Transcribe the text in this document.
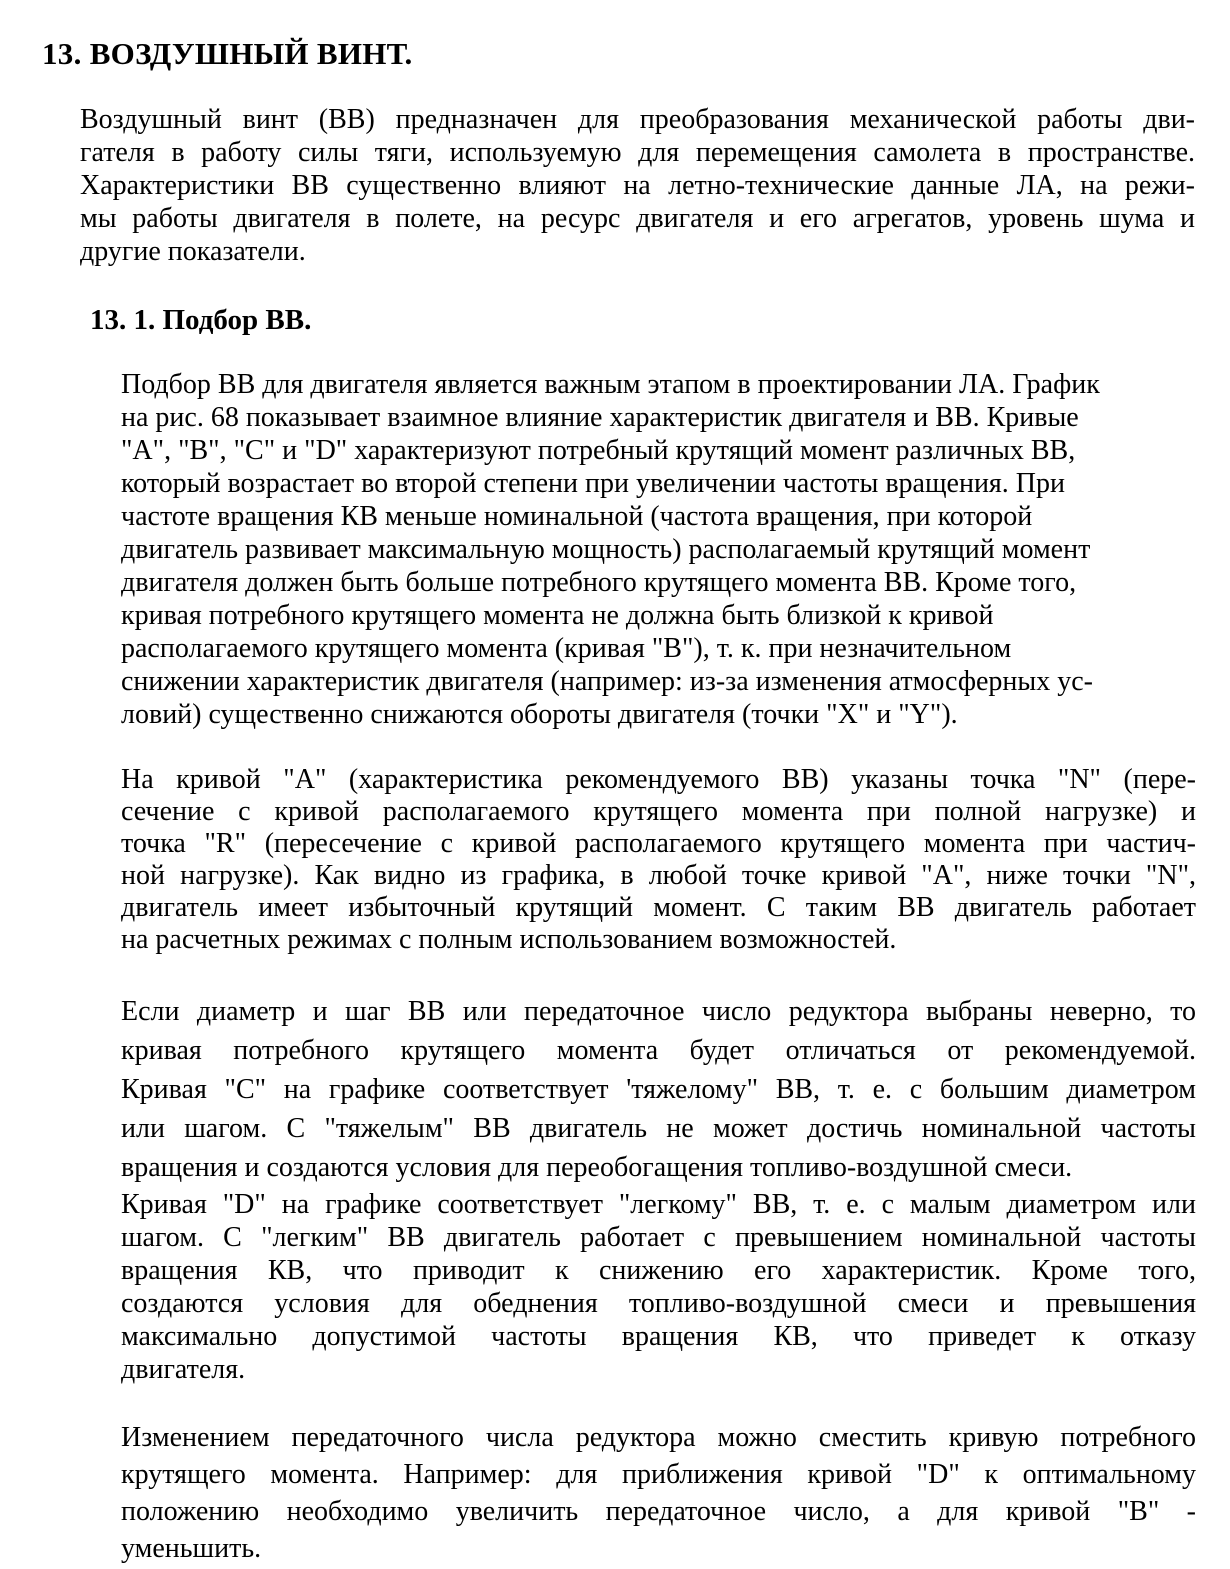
13. ВОЗДУШНЫЙ ВИНТ.
Воздушный винт (ВВ) предназначен для преобразования механической работы дви-
гателя в работу силы тяги, используемую для перемещения самолета в пространстве.
Характеристики ВВ существенно влияют на летно-технические данные ЛА, на режи-
мы работы двигателя в полете, на ресурс двигателя и его агрегатов, уровень шума и
другие показатели.
13. 1. Подбор ВВ.
Подбор ВВ для двигателя является важным этапом в проектировании ЛА. График
на рис. 68 показывает взаимное влияние характеристик двигателя и ВВ. Кривые
"А", "В", "С" и "D" характеризуют потребный крутящий момент различных ВВ,
который возрастает во второй степени при увеличении частоты вращения. При
частоте вращения КВ меньше номинальной (частота вращения, при которой
двигатель развивает максимальную мощность) располагаемый крутящий момент
двигателя должен быть больше потребного крутящего момента ВВ. Кроме того,
кривая потребного крутящего момента не должна быть близкой к кривой
располагаемого крутящего момента (кривая "В"), т. к. при незначительном
снижении характеристик двигателя (например: из-за изменения атмосферных ус-
ловий) существенно снижаются обороты двигателя (точки "X" и "Y").
На кривой "А" (характеристика рекомендуемого ВВ) указаны точка "N" (пере-
сечение с кривой располагаемого крутящего момента при полной нагрузке) и
точка "R" (пересечение с кривой располагаемого крутящего момента при частич-
ной нагрузке). Как видно из графика, в любой точке кривой "А", ниже точки "N",
двигатель имеет избыточный крутящий момент. С таким ВВ двигатель работает
на расчетных режимах с полным использованием возможностей.
Если диаметр и шаг ВВ или передаточное число редуктора выбраны неверно, то
кривая потребного крутящего момента будет отличаться от рекомендуемой.
Кривая "С" на графике соответствует 'тяжелому" ВВ, т. е. с большим диаметром
или шагом. С "тяжелым" ВВ двигатель не может достичь номинальной частоты
вращения и создаются условия для переобогащения топливо-воздушной смеси.
Кривая "D" на графике соответствует "легкому" ВВ, т. е. с малым диаметром или
шагом. С "легким" ВВ двигатель работает с превышением номинальной частоты
вращения КВ, что приводит к снижению его характеристик. Кроме того,
создаются условия для обеднения топливо-воздушной смеси и превышения
максимально допустимой частоты вращения КВ, что приведет к отказу
двигателя.
Изменением передаточного числа редуктора можно сместить кривую потребного
крутящего момента. Например: для приближения кривой "D" к оптимальному
положению необходимо увеличить передаточное число, а для кривой "В" -
уменьшить.
